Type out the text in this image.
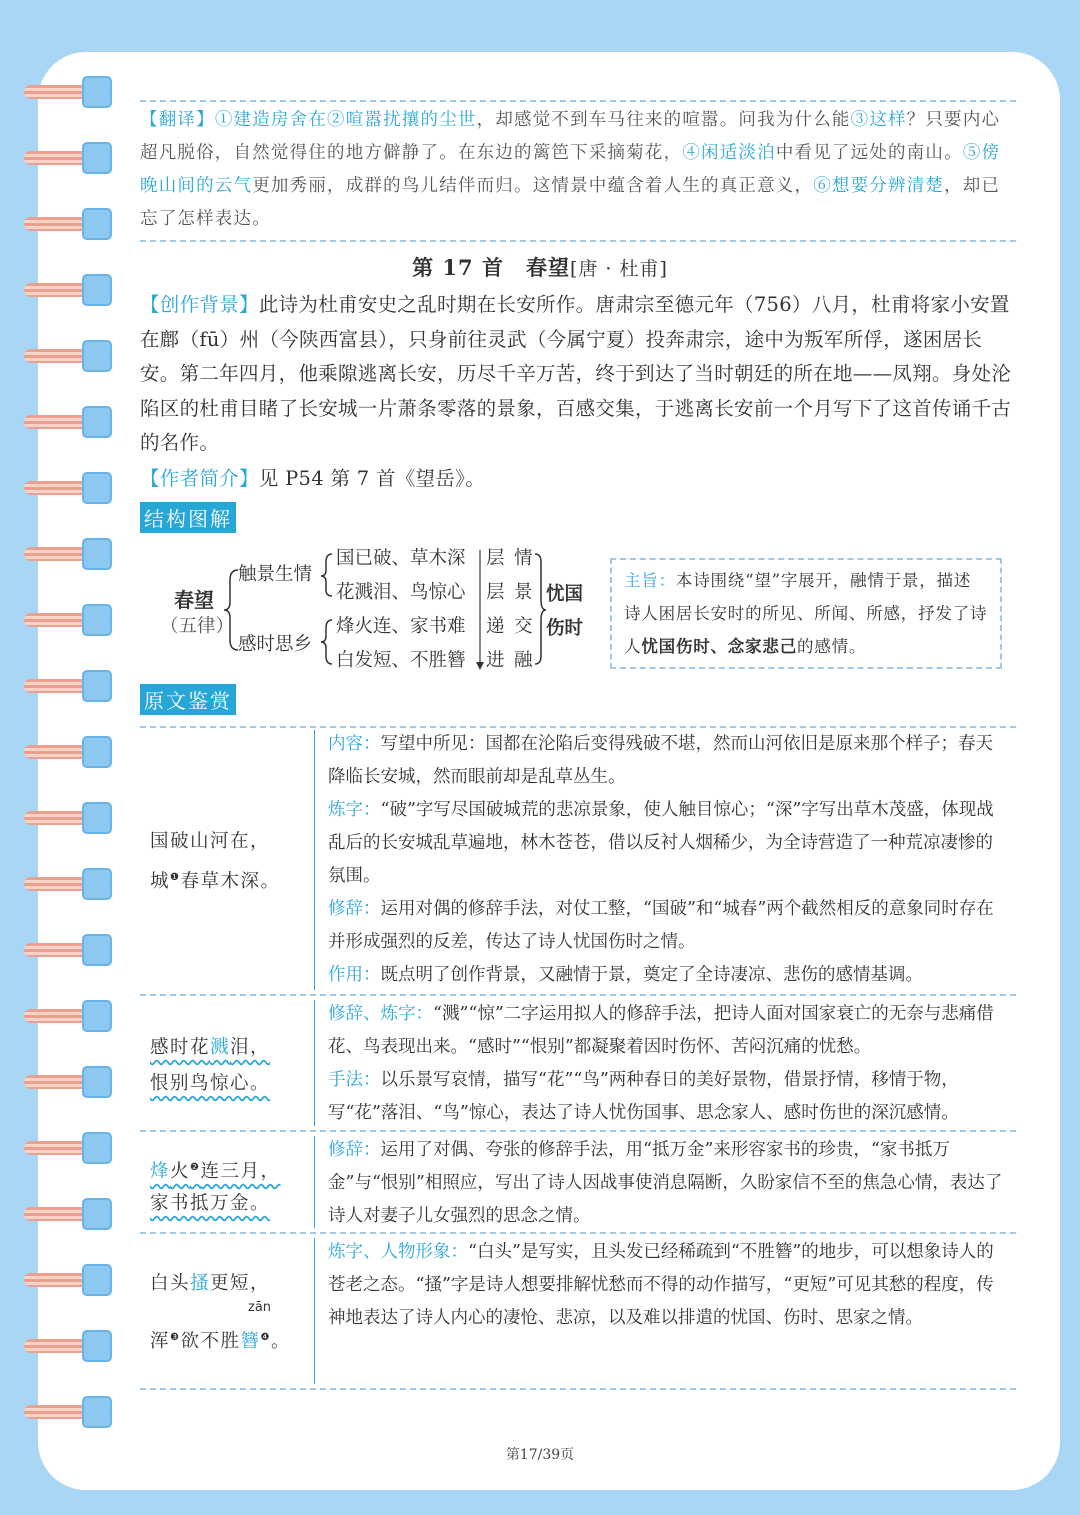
【翻译】①建造房舍在②喧嚣扰攘的尘世，却感觉不到车马往来的喧嚣。问我为什么能③这样？只要内心超凡脱俗，自然觉得住的地方僻静了。在东边的篱笆下采摘菊花，④闲适淡泊中看见了远处的南山。⑤傍晚山间的云气更加秀丽，成群的鸟儿结伴而归。这情景中蕴含着人生的真正意义，⑥想要分辨清楚，却已忘了怎样表达。
第 17 首　春望[唐 · 杜甫]
【创作背景】此诗为杜甫安史之乱时期在长安所作。唐肃宗至德元年（756）八月，杜甫将家小安置在鄜（fū）州（今陕西富县），只身前往灵武（今属宁夏）投奔肃宗，途中为叛军所俘，遂困居长安。第二年四月，他乘隙逃离长安，历尽千辛万苦，终于到达了当时朝廷的所在地——凤翔。身处沦陷区的杜甫目睹了长安城一片萧条零落的景象，百感交集，于逃离长安前一个月写下了这首传诵千古的名作。
【作者简介】见 P54 第 7 首《望岳》。
结构图解
春望
（五律）
触景生情
感时思乡
国已破、草木深
花溅泪、鸟惊心
烽火连、家书难
白发短、不胜簪
层
层
递
进
情
景
交
融
忧国
伤时
主旨：本诗围绕“望”字展开，融情于景，描述诗人困居长安时的所见、所闻、所感，抒发了诗人忧国伤时、念家悲己的感情。
原文鉴赏
国破山河在，
城$^❶$春草木深。
内容：写望中所见：国都在沦陷后变得残破不堪，然而山河依旧是原来那个样子；春天降临长安城，然而眼前却是乱草丛生。
炼字：“破”字写尽国破城荒的悲凉景象，使人触目惊心；“深”字写出草木茂盛，体现战乱后的长安城乱草遍地，林木苍苍，借以反衬人烟稀少，为全诗营造了一种荒凉凄惨的氛围。
修辞：运用对偶的修辞手法，对仗工整，“国破”和“城春”两个截然相反的意象同时存在并形成强烈的反差，传达了诗人忧国伤时之情。
作用：既点明了创作背景，又融情于景，奠定了全诗凄凉、悲伤的感情基调。
感时花溅泪，
恨别鸟惊心。
修辞、炼字：“溅”“惊”二字运用拟人的修辞手法，把诗人面对国家衰亡的无奈与悲痛借花、鸟表现出来。“感时”“恨别”都凝聚着因时伤怀、苦闷沉痛的忧愁。
手法：以乐景写哀情，描写“花”“鸟”两种春日的美好景物，借景抒情，移情于物，写“花”落泪、“鸟”惊心，表达了诗人忧伤国事、思念家人、感时伤世的深沉感情。
烽火$^❷$连三月，
家书抵万金。
修辞：运用了对偶、夸张的修辞手法，用“抵万金”来形容家书的珍贵，“家书抵万金”与“恨别”相照应，写出了诗人因战事使消息隔断，久盼家信不至的焦急心情，表达了诗人对妻子儿女强烈的思念之情。
白头搔更短，
zān
浑$^❸$欲不胜簪$^❹$。
炼字、人物形象：“白头”是写实，且头发已经稀疏到“不胜簪”的地步，可以想象诗人的苍老之态。“搔”字是诗人想要排解忧愁而不得的动作描写，“更短”可见其愁的程度，传神地表达了诗人内心的凄怆、悲凉，以及难以排遣的忧国、伤时、思家之情。
第17/39页
